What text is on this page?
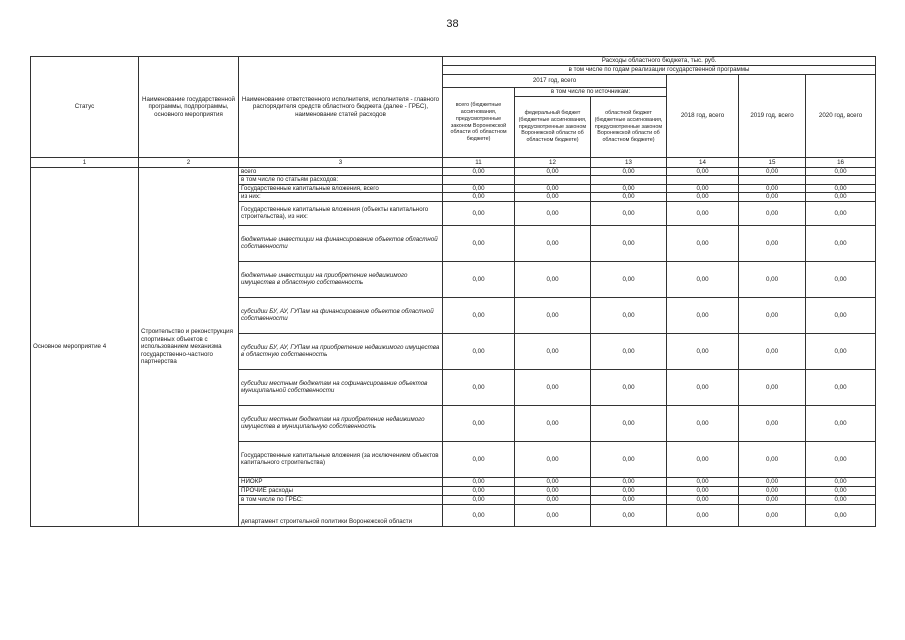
38
Статус	Наименование государственной программы, подпрограммы, основного мероприятия	Наименование ответственного исполнителя, исполнителя - главного распорядителя средств областного бюджета (далее - ГРБС), наименование статей расходов	Расходы областного бюджета, тыс. руб.					
			в том числе по годам реализации государственной программы					
			2017 год, всего			2018 год, всего	2019 год, всего	2020 год, всего
			всего (бюджетные ассигнования, предусмотренные законом Воронежской области об областном бюджете)	в том числе по источникам:				
				федеральный бюджет (бюджетные ассигнования, предусмотренные законом Воронежской области об областном бюджете)	областной бюджет (бюджетные ассигнования, предусмотренные законом Воронежской области об областном бюджете)			
1	2	3	11	12	13	14	15	16
Основное мероприятие 4	Строительство и реконструкция спортивных объектов с использованием механизма государственно-частного партнерства	всего	0,00	0,00	0,00	0,00	0,00	0,00
		в том числе по статьям расходов:						
		Государственные капитальные вложения, всего	0,00	0,00	0,00	0,00	0,00	0,00
		из них:	0,00	0,00	0,00	0,00	0,00	0,00
		Государственные капитальные вложения (объекты капитального строительства), из них:	0,00	0,00	0,00	0,00	0,00	0,00
		бюджетные инвестиции на финансирование объектов областной собственности	0,00	0,00	0,00	0,00	0,00	0,00
		бюджетные инвестиции на приобретение недвижимого имущества в областную собственность	0,00	0,00	0,00	0,00	0,00	0,00
		субсидии БУ, АУ, ГУПам на финансирование объектов областной собственности	0,00	0,00	0,00	0,00	0,00	0,00
		субсидии БУ, АУ, ГУПам на приобретение недвижимого имущества в областную собственность	0,00	0,00	0,00	0,00	0,00	0,00
		субсидии местным бюджетам на софинансирование объектов муниципальной собственности	0,00	0,00	0,00	0,00	0,00	0,00
		субсидии местным бюджетам на приобретение недвижимого имущества в муниципальную собственность	0,00	0,00	0,00	0,00	0,00	0,00
		Государственные капитальные вложения (за исключением объектов капитального строительства)	0,00	0,00	0,00	0,00	0,00	0,00
		НИОКР	0,00	0,00	0,00	0,00	0,00	0,00
		ПРОЧИЕ расходы	0,00	0,00	0,00	0,00	0,00	0,00
		в том числе по ГРБС:	0,00	0,00	0,00	0,00	0,00	0,00
		департамент строительной политики Воронежской области	0,00	0,00	0,00	0,00	0,00	0,00
